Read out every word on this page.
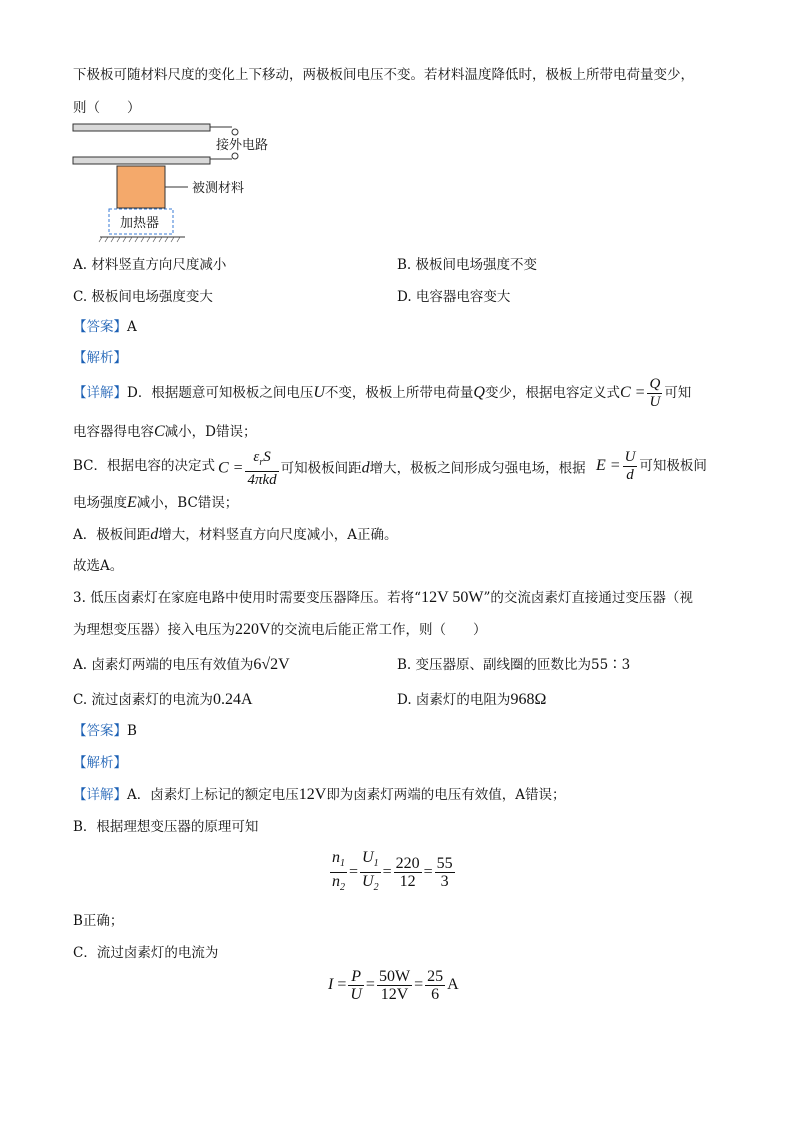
下极板可随材料尺度的变化上下移动，两极板间电压不变。若材料温度降低时，极板上所带电荷量变少，
则（　　）
接外电路
被测材料
加热器
A. 材料竖直方向尺度减小	B. 极板间电场强度不变
C. 极板间电场强度变大	D. 电容器电容变大
【答案】A
【解析】
【详解】D．根据题意可知极板之间电压U不变，极板上所带电荷量Q变少，根据电容定义式 $C = \frac{Q}{U}$ 可知
电容器得电容C减小，D错误；
BC．根据电容的决定式 $C = \frac{\varepsilon_rS}{\text{4πkd}}$ 可知极板间距d增大，极板之间形成匀强电场，根据 $E = \frac{U}{d}$ 可知极板间
电场强度E减小，BC错误；
A．极板间距d增大，材料竖直方向尺度减小，A正确。
故选A。
3. 低压卤素灯在家庭电路中使用时需要变压器降压。若将“12V 50W”的交流卤素灯直接通过变压器（视
为理想变压器）接入电压为220V的交流电后能正常工作，则（　　）
A. 卤素灯两端的电压有效值为6√2V	B. 变压器原、副线圈的匝数比为55∶3
C. 流过卤素灯的电流为0.24A	D. 卤素灯的电阻为968Ω
【答案】B
【解析】
【详解】A．卤素灯上标记的额定电压12V即为卤素灯两端的电压有效值，A错误；
B．根据理想变压器的原理可知
$\frac{n_1}{n_2} = \frac{U_1}{U_2} = \frac{220}{12} = \frac{55}{3}$
B正确；
C．流过卤素灯的电流为
$I = \frac{P}{U} = \frac{50W}{12V} = \frac{25}{6}$ A
